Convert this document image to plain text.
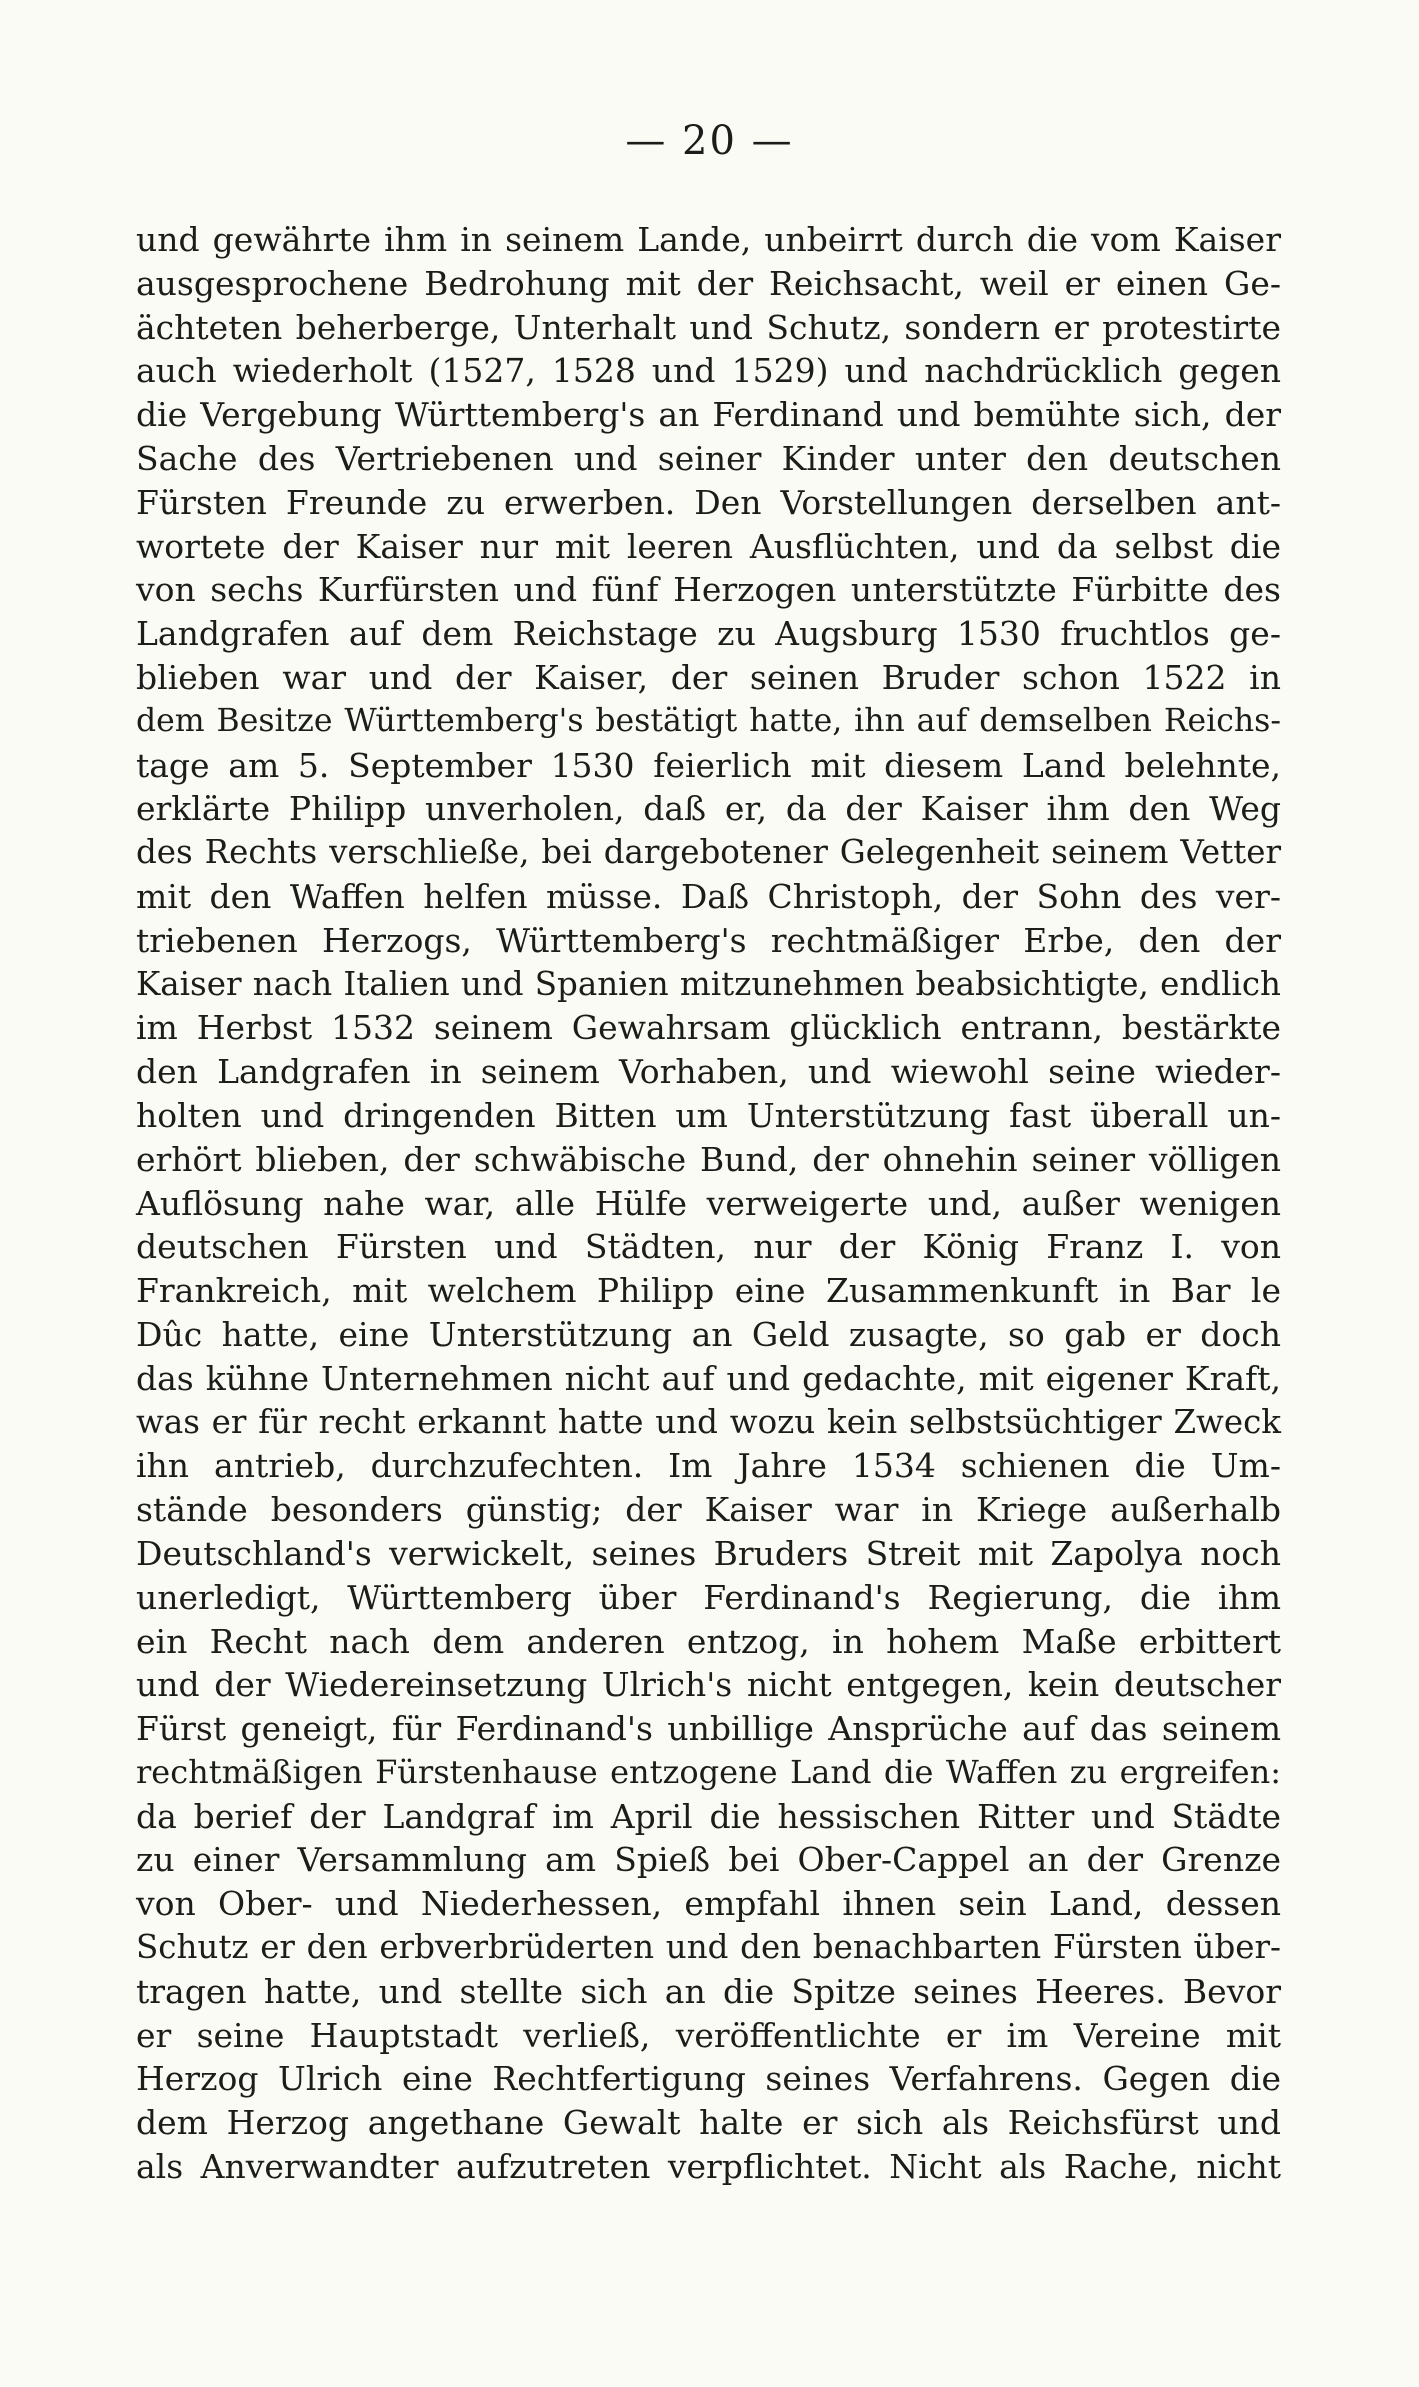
— 20 —
und gewährte ihm in seinem Lande, unbeirrt durch die vom Kaiser
ausgesprochene Bedrohung mit der Reichsacht, weil er einen Ge-
ächteten beherberge, Unterhalt und Schutz, sondern er protestirte
auch wiederholt (1527, 1528 und 1529) und nachdrücklich gegen
die Vergebung Württemberg's an Ferdinand und bemühte sich, der
Sache des Vertriebenen und seiner Kinder unter den deutschen
Fürsten Freunde zu erwerben. Den Vorstellungen derselben ant-
wortete der Kaiser nur mit leeren Ausflüchten, und da selbst die
von sechs Kurfürsten und fünf Herzogen unterstützte Fürbitte des
Landgrafen auf dem Reichstage zu Augsburg 1530 fruchtlos ge-
blieben war und der Kaiser, der seinen Bruder schon 1522 in
dem Besitze Württemberg's bestätigt hatte, ihn auf demselben Reichs-
tage am 5. September 1530 feierlich mit diesem Land belehnte,
erklärte Philipp unverholen, daß er, da der Kaiser ihm den Weg
des Rechts verschließe, bei dargebotener Gelegenheit seinem Vetter
mit den Waffen helfen müsse. Daß Christoph, der Sohn des ver-
triebenen Herzogs, Württemberg's rechtmäßiger Erbe, den der
Kaiser nach Italien und Spanien mitzunehmen beabsichtigte, endlich
im Herbst 1532 seinem Gewahrsam glücklich entrann, bestärkte
den Landgrafen in seinem Vorhaben, und wiewohl seine wieder-
holten und dringenden Bitten um Unterstützung fast überall un-
erhört blieben, der schwäbische Bund, der ohnehin seiner völligen
Auflösung nahe war, alle Hülfe verweigerte und, außer wenigen
deutschen Fürsten und Städten, nur der König Franz I. von
Frankreich, mit welchem Philipp eine Zusammenkunft in Bar le
Dûc hatte, eine Unterstützung an Geld zusagte, so gab er doch
das kühne Unternehmen nicht auf und gedachte, mit eigener Kraft,
was er für recht erkannt hatte und wozu kein selbstsüchtiger Zweck
ihn antrieb, durchzufechten. Im Jahre 1534 schienen die Um-
stände besonders günstig; der Kaiser war in Kriege außerhalb
Deutschland's verwickelt, seines Bruders Streit mit Zapolya noch
unerledigt, Württemberg über Ferdinand's Regierung, die ihm
ein Recht nach dem anderen entzog, in hohem Maße erbittert
und der Wiedereinsetzung Ulrich's nicht entgegen, kein deutscher
Fürst geneigt, für Ferdinand's unbillige Ansprüche auf das seinem
rechtmäßigen Fürstenhause entzogene Land die Waffen zu ergreifen:
da berief der Landgraf im April die hessischen Ritter und Städte
zu einer Versammlung am Spieß bei Ober-Cappel an der Grenze
von Ober- und Niederhessen, empfahl ihnen sein Land, dessen
Schutz er den erbverbrüderten und den benachbarten Fürsten über-
tragen hatte, und stellte sich an die Spitze seines Heeres. Bevor
er seine Hauptstadt verließ, veröffentlichte er im Vereine mit
Herzog Ulrich eine Rechtfertigung seines Verfahrens. Gegen die
dem Herzog angethane Gewalt halte er sich als Reichsfürst und
als Anverwandter aufzutreten verpflichtet. Nicht als Rache, nicht
